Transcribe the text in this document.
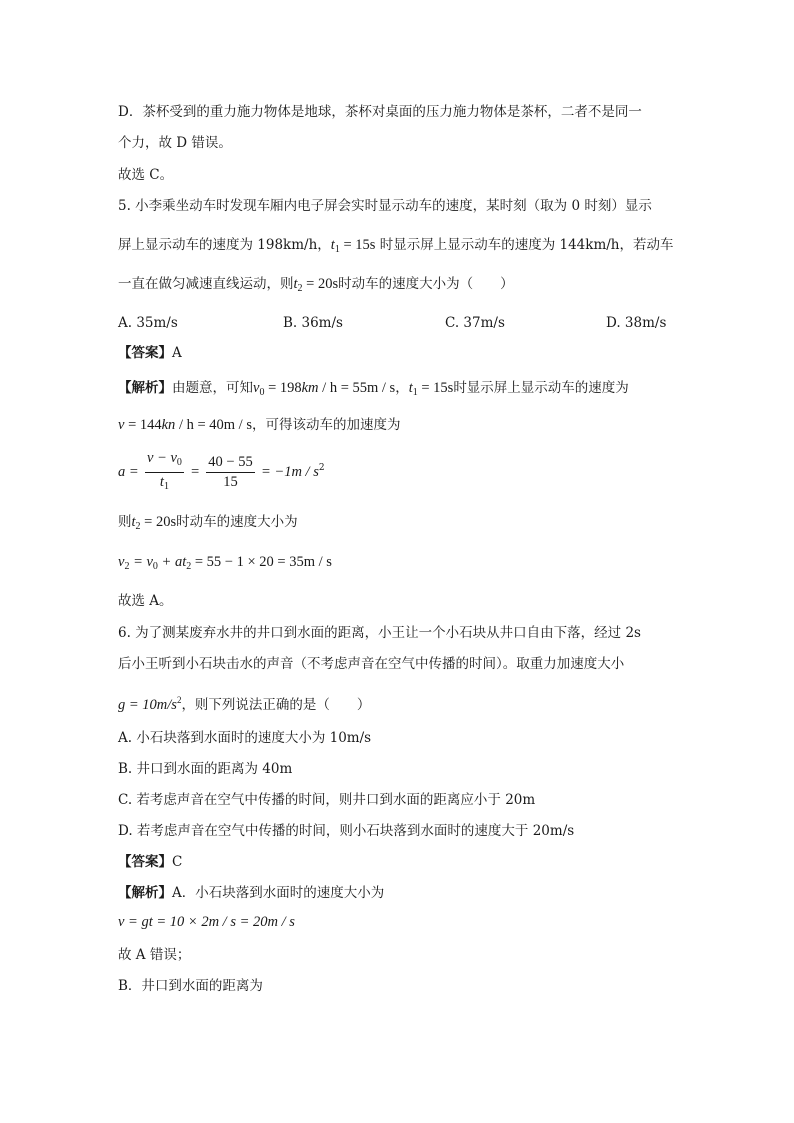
D．茶杯受到的重力施力物体是地球，茶杯对桌面的压力施力物体是茶杯，二者不是同一
个力，故 D 错误。
故选 C。
5. 小李乘坐动车时发现车厢内电子屏会实时显示动车的速度，某时刻（取为 0 时刻）显示
屏上显示动车的速度为 198km/h，$t_1 = 15s$ 时显示屏上显示动车的速度为 144km/h，若动车
一直在做匀减速直线运动，则$t_2 = 20s$时动车的速度大小为（　　）
A. 35m/s	B. 36m/s	C. 37m/s	D. 38m/s
【答案】A
【解析】由题意，可知$v_0 = 198km / h = 55m / s$，$t_1 = 15s$时显示屏上显示动车的速度为
v = 144kn / h = 40m / s，可得该动车的加速度为
$a = \frac{v - v_0}{t_1} = \frac{40 - 55}{15} = -1m / s^2$
则$t_2 = 20s$时动车的速度大小为
$v_2 = v_0 + at_2 = 55 - 1 \times 20 = 35m / s$
故选 A。
6. 为了测某废弃水井的井口到水面的距离，小王让一个小石块从井口自由下落，经过 2s
后小王听到小石块击水的声音（不考虑声音在空气中传播的时间）。取重力加速度大小
$g = 10m/s^2$，则下列说法正确的是（　　）
A. 小石块落到水面时的速度大小为 10m/s
B. 井口到水面的距离为 40m
C. 若考虑声音在空气中传播的时间，则井口到水面的距离应小于 20m
D. 若考虑声音在空气中传播的时间，则小石块落到水面时的速度大于 20m/s
【答案】C
【解析】A．小石块落到水面时的速度大小为
v = gt = 10 × 2m / s = 20m / s
故 A 错误；
B．井口到水面的距离为
